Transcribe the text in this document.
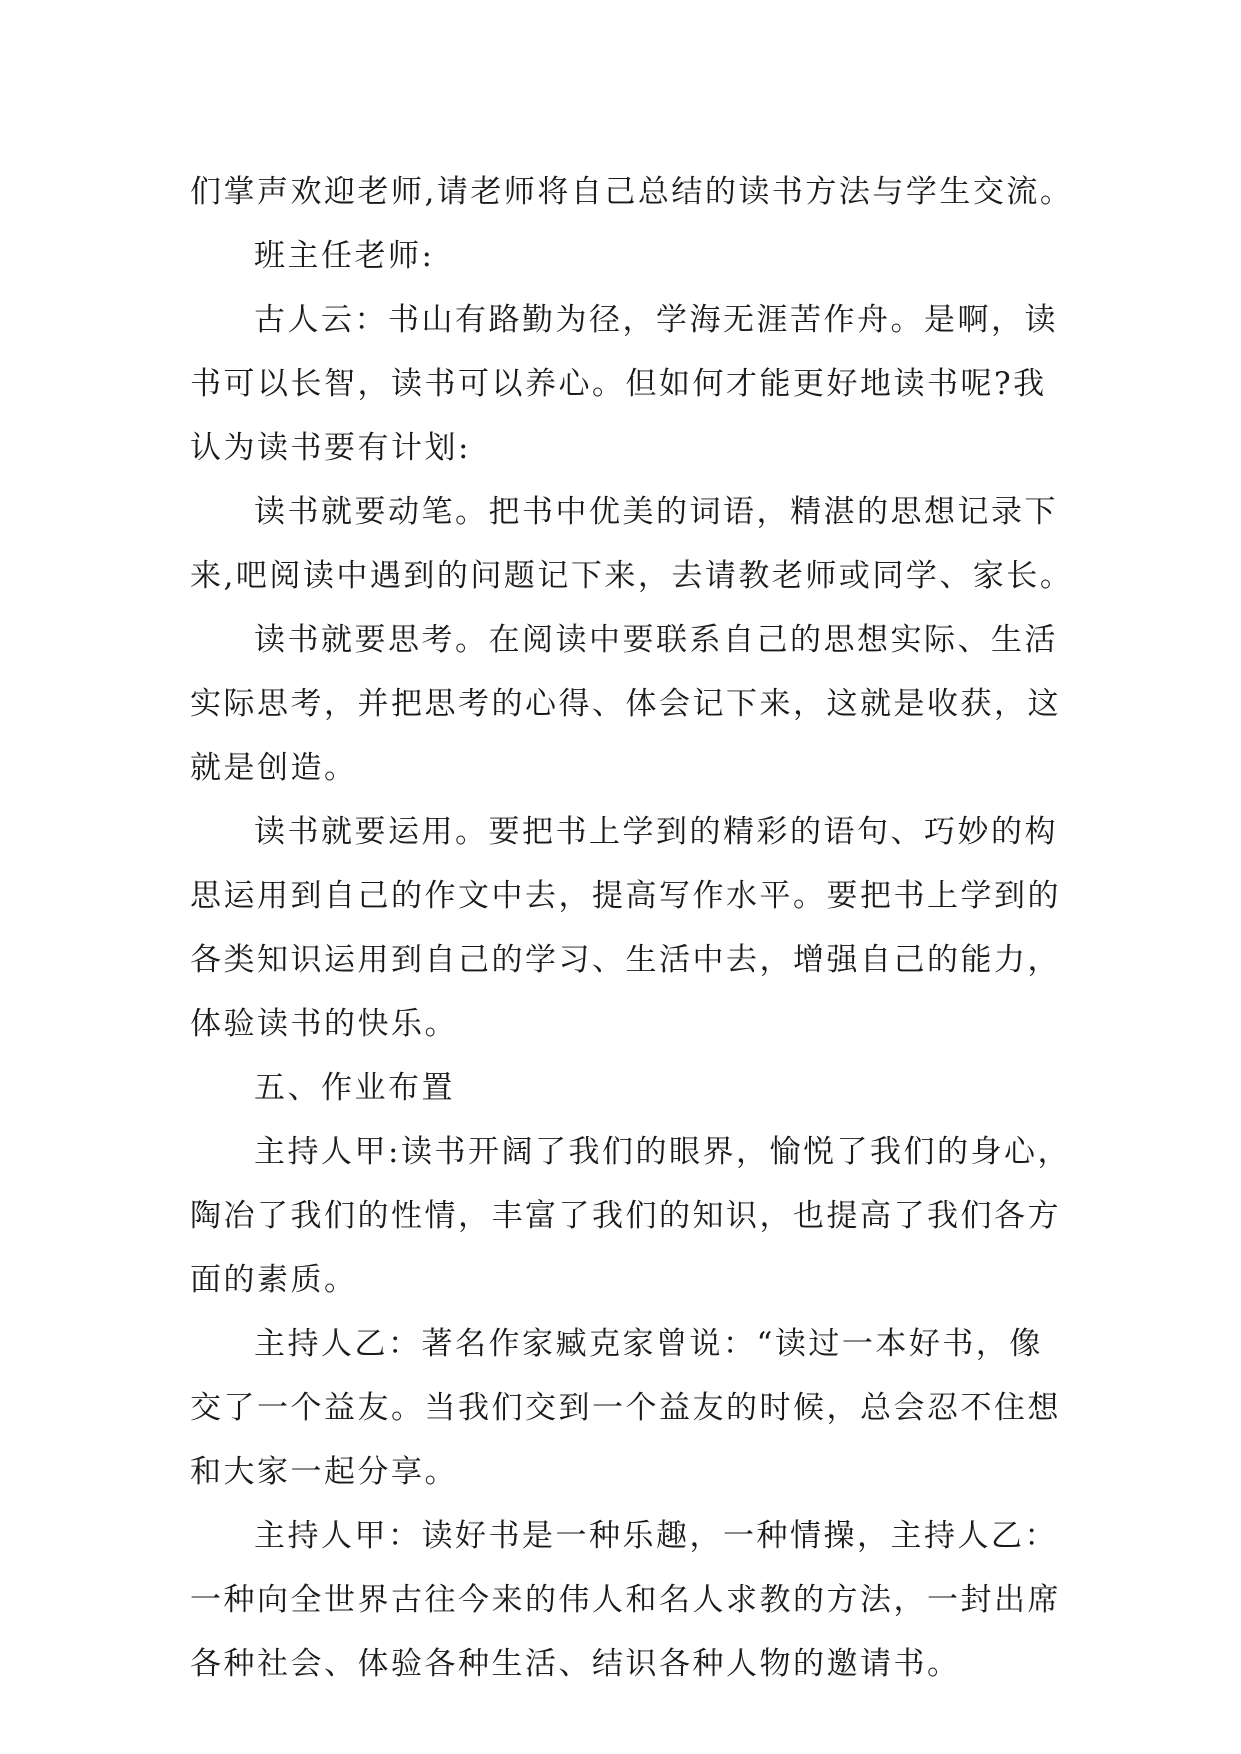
们掌声欢迎老师,请老师将自己总结的读书方法与学生交流。
班主任老师:
古人云：书山有路勤为径，学海无涯苦作舟。是啊，读
书可以长智，读书可以养心。但如何才能更好地读书呢?我
认为读书要有计划:
读书就要动笔。把书中优美的词语，精湛的思想记录下
来,吧阅读中遇到的问题记下来，去请教老师或同学、家长。
读书就要思考。在阅读中要联系自己的思想实际、生活
实际思考，并把思考的心得、体会记下来，这就是收获，这
就是创造。
读书就要运用。要把书上学到的精彩的语句、巧妙的构
思运用到自己的作文中去，提高写作水平。要把书上学到的
各类知识运用到自己的学习、生活中去，增强自己的能力，
体验读书的快乐。
五、作业布置
主持人甲:读书开阔了我们的眼界，愉悦了我们的身心，
陶冶了我们的性情，丰富了我们的知识，也提高了我们各方
面的素质。
主持人乙：著名作家臧克家曾说：“读过一本好书，像
交了一个益友。当我们交到一个益友的时候，总会忍不住想
和大家一起分享。
主持人甲：读好书是一种乐趣，一种情操，主持人乙：
一种向全世界古往今来的伟人和名人求教的方法，一封出席
各种社会、体验各种生活、结识各种人物的邀请书。
